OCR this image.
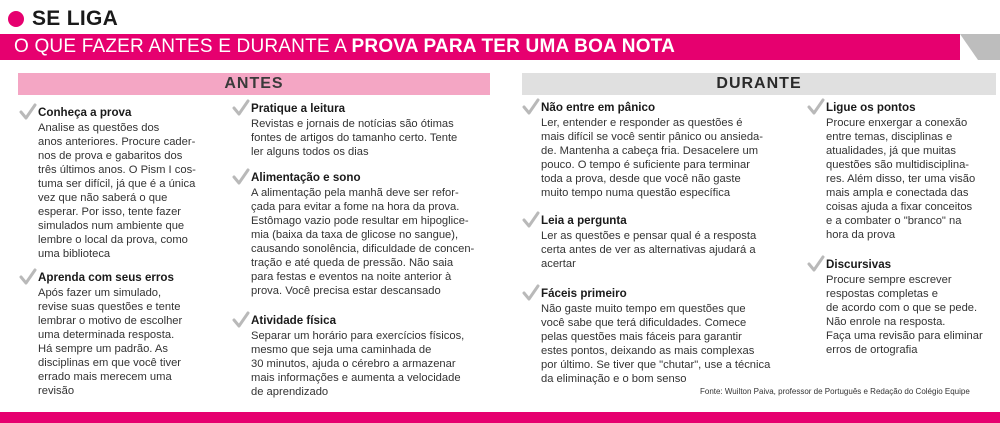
SE LIGA
O QUE FAZER ANTES E DURANTE A PROVA PARA TER UMA BOA NOTA
ANTES	DURANTE
Conheça a prova
Analise as questões dos
anos anteriores. Procure cader-
nos de prova e gabaritos dos
três últimos anos. O Pism I cos-
tuma ser difícil, já que é a única
vez que não saberá o que
esperar. Por isso, tente fazer
simulados num ambiente que
lembre o local da prova, como
uma biblioteca
Aprenda com seus erros
Após fazer um simulado,
revise suas questões e tente
lembrar o motivo de escolher
uma determinada resposta.
Há sempre um padrão. As
disciplinas em que você tiver
errado mais merecem uma
revisão
Pratique a leitura
Revistas e jornais de notícias são ótimas
fontes de artigos do tamanho certo. Tente
ler alguns todos os dias
Alimentação e sono
A alimentação pela manhã deve ser refor-
çada para evitar a fome na hora da prova.
Estômago vazio pode resultar em hipoglice-
mia (baixa da taxa de glicose no sangue),
causando sonolência, dificuldade de concen-
tração e até queda de pressão. Não saia
para festas e eventos na noite anterior à
prova. Você precisa estar descansado
Atividade física
Separar um horário para exercícios físicos,
mesmo que seja uma caminhada de
30 minutos, ajuda o cérebro a armazenar
mais informações e aumenta a velocidade
de aprendizado
Não entre em pânico
Ler, entender e responder as questões é
mais difícil se você sentir pânico ou ansieda-
de. Mantenha a cabeça fria. Desacelere um
pouco. O tempo é suficiente para terminar
toda a prova, desde que você não gaste
muito tempo numa questão específica
Leia a pergunta
Ler as questões e pensar qual é a resposta
certa antes de ver as alternativas ajudará a
acertar
Fáceis primeiro
Não gaste muito tempo em questões que
você sabe que terá dificuldades. Comece
pelas questões mais fáceis para garantir
estes pontos, deixando as mais complexas
por último. Se tiver que "chutar", use a técnica
da eliminação e o bom senso
Ligue os pontos
Procure enxergar a conexão
entre temas, disciplinas e
atualidades, já que muitas
questões são multidisciplina-
res. Além disso, ter uma visão
mais ampla e conectada das
coisas ajuda a fixar conceitos
e a combater o "branco" na
hora da prova
Discursivas
Procure sempre escrever
respostas completas e
de acordo com o que se pede.
Não enrole na resposta.
Faça uma revisão para eliminar
erros de ortografia
Fonte: Wuilton Paiva, professor de Português e Redação do Colégio Equipe
